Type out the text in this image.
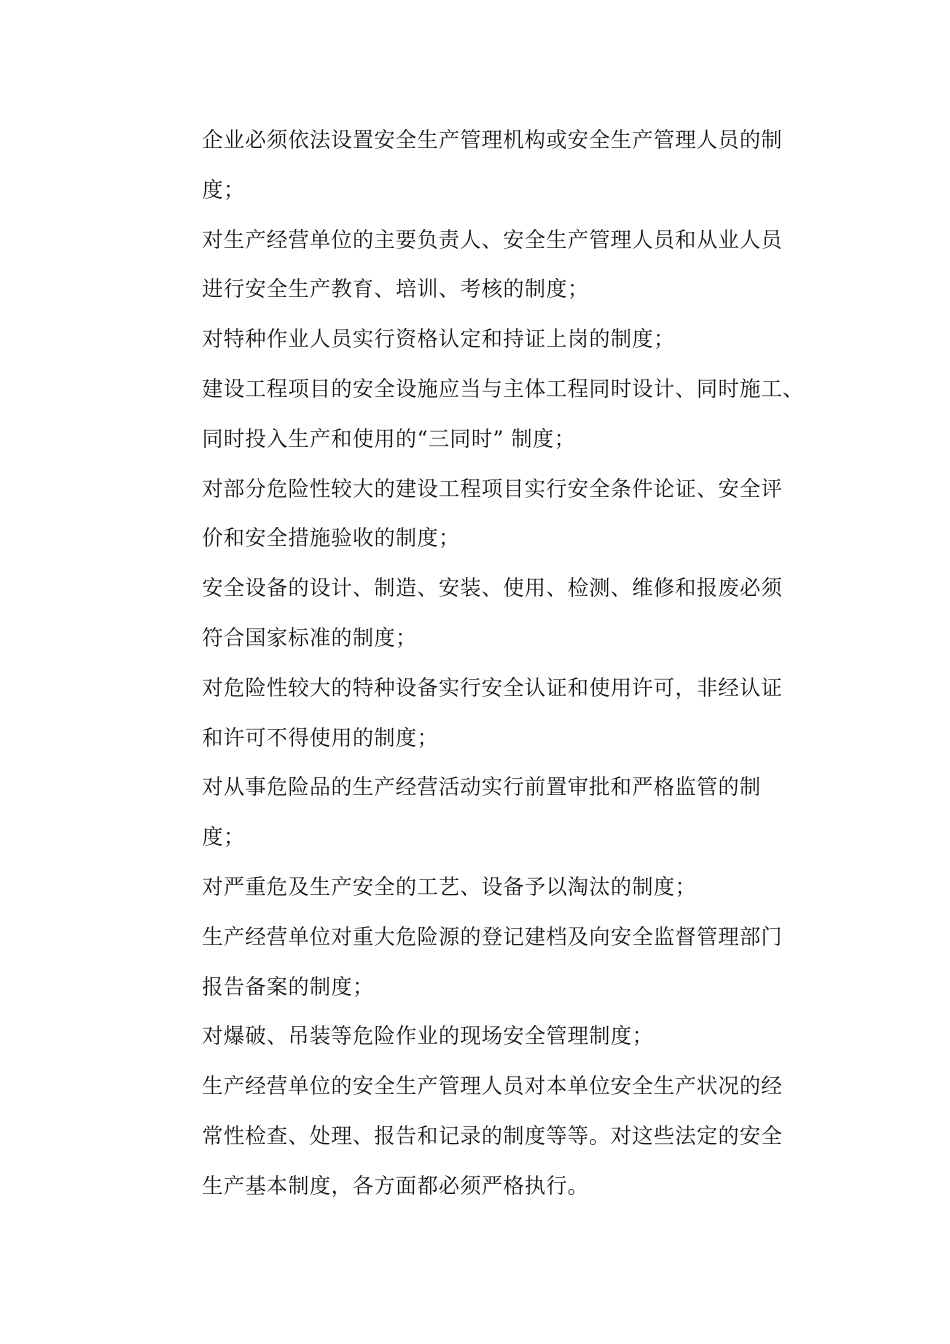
企业必须依法设置安全生产管理机构或安全生产管理人员的制
度；

对生产经营单位的主要负责人、安全生产管理人员和从业人员
进行安全生产教育、培训、考核的制度；

对特种作业人员实行资格认定和持证上岗的制度；

建设工程项目的安全设施应当与主体工程同时设计、同时施工、
同时投入生产和使用的“三同时” 制度；

对部分危险性较大的建设工程项目实行安全条件论证、安全评
价和安全措施验收的制度；

安全设备的设计、制造、安装、使用、检测、维修和报废必须
符合国家标准的制度；

对危险性较大的特种设备实行安全认证和使用许可，非经认证
和许可不得使用的制度；

对从事危险品的生产经营活动实行前置审批和严格监管的制
度；

对严重危及生产安全的工艺、设备予以淘汰的制度；

生产经营单位对重大危险源的登记建档及向安全监督管理部门
报告备案的制度；

对爆破、吊装等危险作业的现场安全管理制度；

生产经营单位的安全生产管理人员对本单位安全生产状况的经
常性检查、处理、报告和记录的制度等等。对这些法定的安全
生产基本制度，各方面都必须严格执行。
